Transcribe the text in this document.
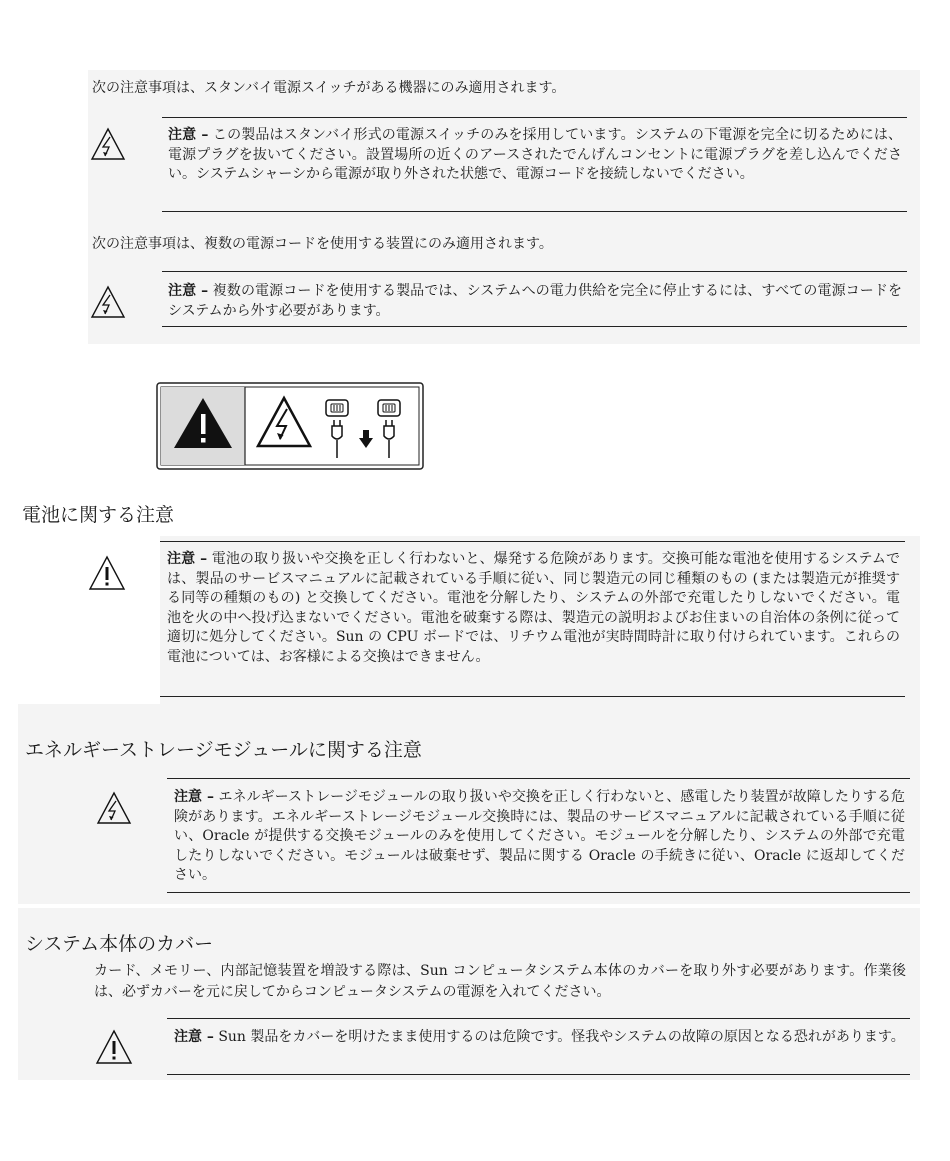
次の注意事項は、スタンバイ電源スイッチがある機器にのみ適用されます。
注意 – この製品はスタンバイ形式の電源スイッチのみを採用しています。システムの下電源を完全に切るためには、電源プラグを抜いてください。設置場所の近くのアースされたでんげんコンセントに電源プラグを差し込んでください。システムシャーシから電源が取り外された状態で、電源コードを接続しないでください。
次の注意事項は、複数の電源コードを使用する装置にのみ適用されます。
注意 – 複数の電源コードを使用する製品では、システムへの電力供給を完全に停止するには、すべての電源コードをシステムから外す必要があります。
電池に関する注意
注意 – 電池の取り扱いや交換を正しく行わないと、爆発する危険があります。交換可能な電池を使用するシステムでは、製品のサービスマニュアルに記載されている手順に従い、同じ製造元の同じ種類のもの (または製造元が推奨する同等の種類のもの) と交換してください。電池を分解したり、システムの外部で充電したりしないでください。電池を火の中へ投げ込まないでください。電池を破棄する際は、製造元の説明およびお住まいの自治体の条例に従って適切に処分してください。Sun の CPU ボードでは、リチウム電池が実時間時計に取り付けられています。これらの電池については、お客様による交換はできません。
エネルギーストレージモジュールに関する注意
注意 – エネルギーストレージモジュールの取り扱いや交換を正しく行わないと、感電したり装置が故障したりする危険があります。エネルギーストレージモジュール交換時には、製品のサービスマニュアルに記載されている手順に従い、Oracle が提供する交換モジュールのみを使用してください。モジュールを分解したり、システムの外部で充電したりしないでください。モジュールは破棄せず、製品に関する Oracle の手続きに従い、Oracle に返却してください。
システム本体のカバー
カード、メモリー、内部記憶装置を増設する際は、Sun コンピュータシステム本体のカバーを取り外す必要があります。作業後は、必ずカバーを元に戻してからコンピュータシステムの電源を入れてください。
注意 – Sun 製品をカバーを明けたまま使用するのは危険です。怪我やシステムの故障の原因となる恐れがあります。
